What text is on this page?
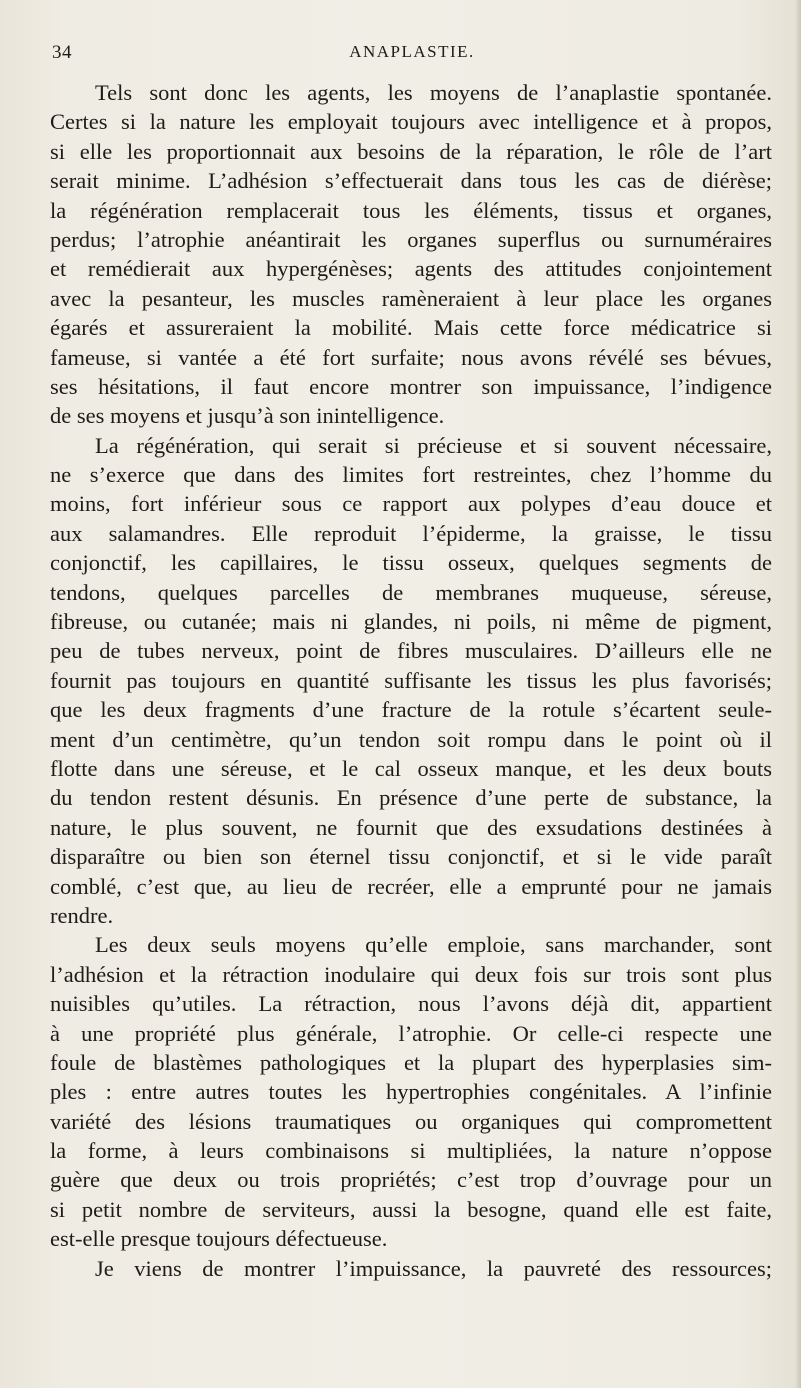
34	ANAPLASTIE.
Tels sont donc les agents, les moyens de l’anaplastie spontanée.
Certes si la nature les employait toujours avec intelligence et à propos,
si elle les proportionnait aux besoins de la réparation, le rôle de l’art
serait minime. L’adhésion s’effectuerait dans tous les cas de diérèse;
la régénération remplacerait tous les éléments, tissus et organes,
perdus; l’atrophie anéantirait les organes superflus ou surnuméraires
et remédierait aux hypergénèses; agents des attitudes conjointement
avec la pesanteur, les muscles ramèneraient à leur place les organes
égarés et assureraient la mobilité. Mais cette force médicatrice si
fameuse, si vantée a été fort surfaite; nous avons révélé ses bévues,
ses hésitations, il faut encore montrer son impuissance, l’indigence
de ses moyens et jusqu’à son inintelligence.
La régénération, qui serait si précieuse et si souvent nécessaire,
ne s’exerce que dans des limites fort restreintes, chez l’homme du
moins, fort inférieur sous ce rapport aux polypes d’eau douce et
aux salamandres. Elle reproduit l’épiderme, la graisse, le tissu
conjonctif, les capillaires, le tissu osseux, quelques segments de
tendons, quelques parcelles de membranes muqueuse, séreuse,
fibreuse, ou cutanée; mais ni glandes, ni poils, ni même de pigment,
peu de tubes nerveux, point de fibres musculaires. D’ailleurs elle ne
fournit pas toujours en quantité suffisante les tissus les plus favorisés;
que les deux fragments d’une fracture de la rotule s’écartent seule-
ment d’un centimètre, qu’un tendon soit rompu dans le point où il
flotte dans une séreuse, et le cal osseux manque, et les deux bouts
du tendon restent désunis. En présence d’une perte de substance, la
nature, le plus souvent, ne fournit que des exsudations destinées à
disparaître ou bien son éternel tissu conjonctif, et si le vide paraît
comblé, c’est que, au lieu de recréer, elle a emprunté pour ne jamais
rendre.
Les deux seuls moyens qu’elle emploie, sans marchander, sont
l’adhésion et la rétraction inodulaire qui deux fois sur trois sont plus
nuisibles qu’utiles. La rétraction, nous l’avons déjà dit, appartient
à une propriété plus générale, l’atrophie. Or celle-ci respecte une
foule de blastèmes pathologiques et la plupart des hyperplasies sim-
ples : entre autres toutes les hypertrophies congénitales. A l’infinie
variété des lésions traumatiques ou organiques qui compromettent
la forme, à leurs combinaisons si multipliées, la nature n’oppose
guère que deux ou trois propriétés; c’est trop d’ouvrage pour un
si petit nombre de serviteurs, aussi la besogne, quand elle est faite,
est-elle presque toujours défectueuse.
Je viens de montrer l’impuissance, la pauvreté des ressources;
